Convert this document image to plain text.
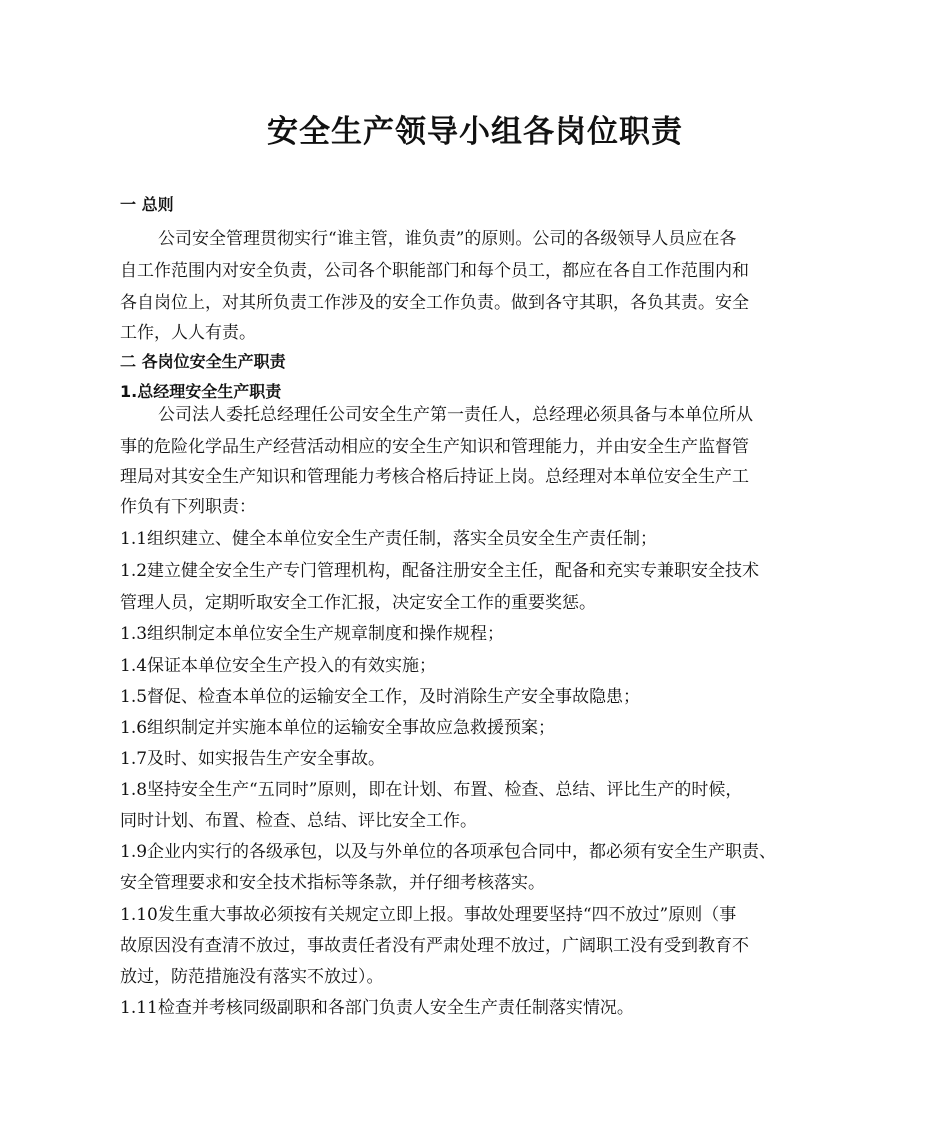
安全生产领导小组各岗位职责
一 总则
公司安全管理贯彻实行“谁主管，谁负责”的原则。公司的各级领导人员应在各
自工作范围内对安全负责，公司各个职能部门和每个员工，都应在各自工作范围内和
各自岗位上，对其所负责工作涉及的安全工作负责。做到各守其职，各负其责。安全
工作，人人有责。
二 各岗位安全生产职责
1.总经理安全生产职责
公司法人委托总经理任公司安全生产第一责任人，总经理必须具备与本单位所从
事的危险化学品生产经营活动相应的安全生产知识和管理能力，并由安全生产监督管
理局对其安全生产知识和管理能力考核合格后持证上岗。总经理对本单位安全生产工
作负有下列职责：
1.1组织建立、健全本单位安全生产责任制，落实全员安全生产责任制；
1.2建立健全安全生产专门管理机构，配备注册安全主任，配备和充实专兼职安全技术
管理人员，定期听取安全工作汇报，决定安全工作的重要奖惩。
1.3组织制定本单位安全生产规章制度和操作规程；
1.4保证本单位安全生产投入的有效实施；
1.5督促、检查本单位的运输安全工作，及时消除生产安全事故隐患；
1.6组织制定并实施本单位的运输安全事故应急救援预案；
1.7及时、如实报告生产安全事故。
1.8坚持安全生产“五同时”原则，即在计划、布置、检查、总结、评比生产的时候，
同时计划、布置、检查、总结、评比安全工作。
1.9企业内实行的各级承包，以及与外单位的各项承包合同中，都必须有安全生产职责、
安全管理要求和安全技术指标等条款，并仔细考核落实。
1.10发生重大事故必须按有关规定立即上报。事故处理要坚持“四不放过”原则（事
故原因没有查清不放过，事故责任者没有严肃处理不放过，广阔职工没有受到教育不
放过，防范措施没有落实不放过）。
1.11检查并考核同级副职和各部门负责人安全生产责任制落实情况。
